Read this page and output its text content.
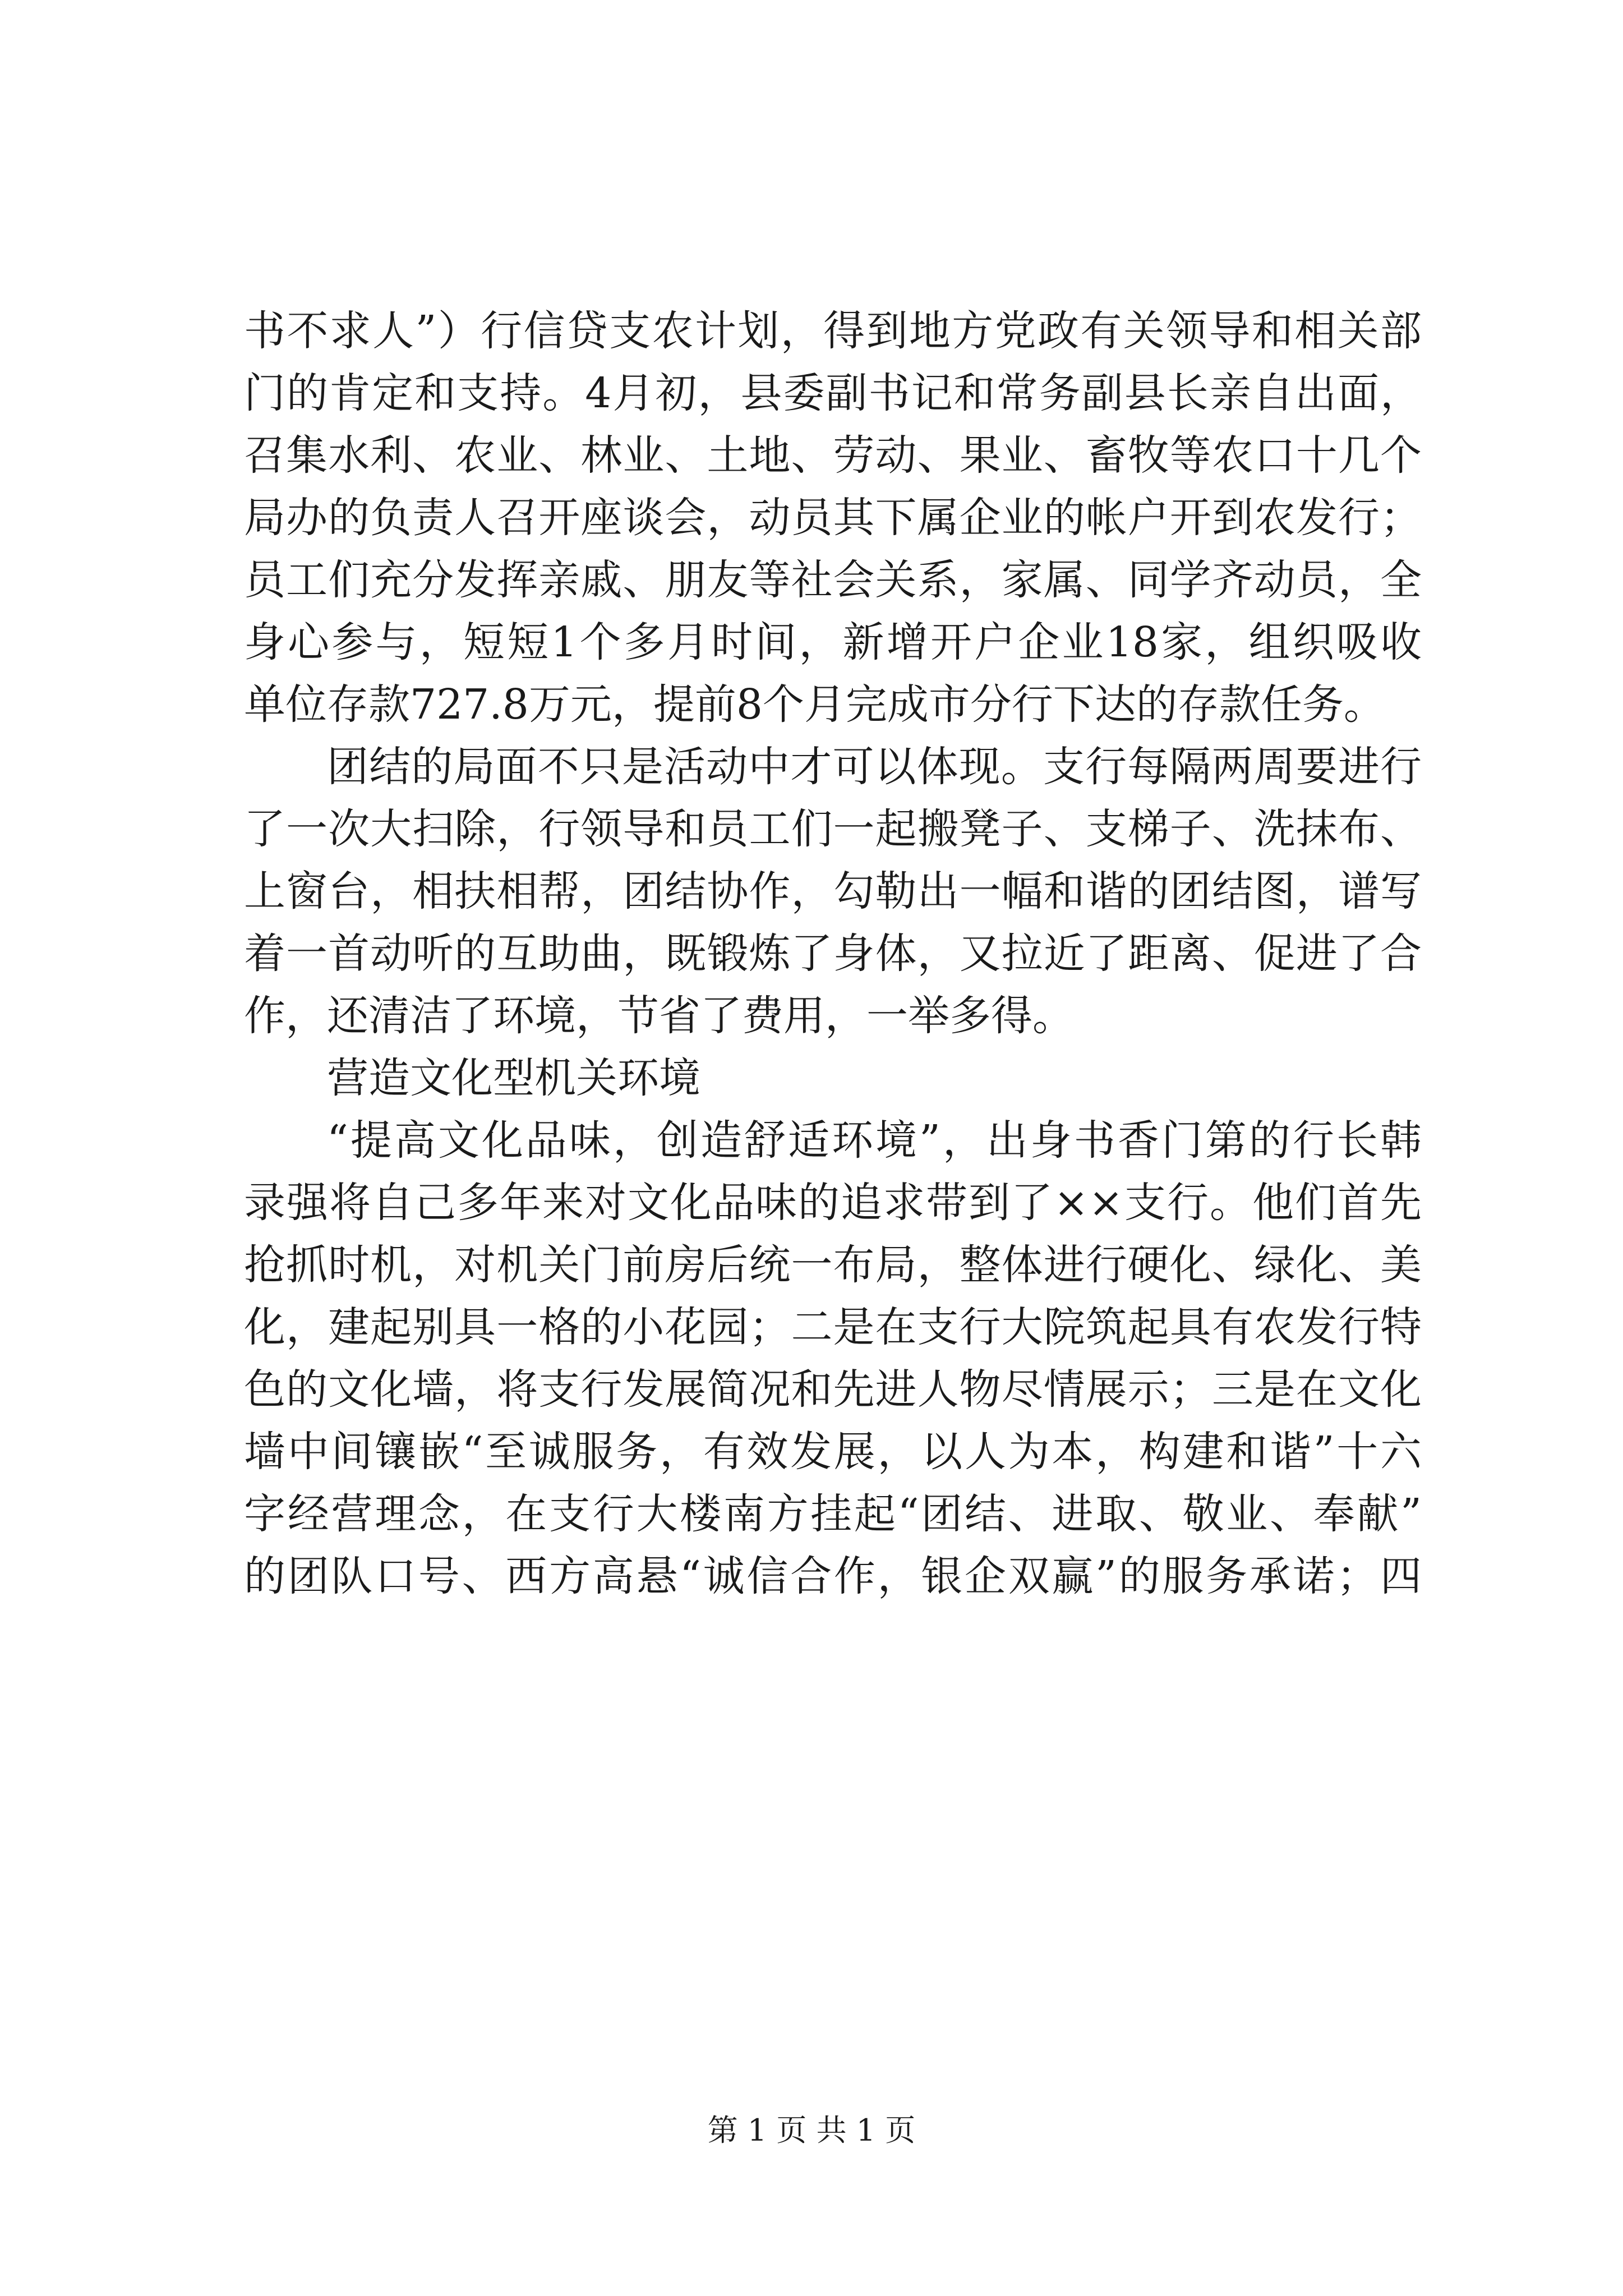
书不求人”）行信贷支农计划，得到地方党政有关领导和相关部
门的肯定和支持。4月初，县委副书记和常务副县长亲自出面，
召集水利、农业、林业、土地、劳动、果业、畜牧等农口十几个
局办的负责人召开座谈会，动员其下属企业的帐户开到农发行；
员工们充分发挥亲戚、朋友等社会关系，家属、同学齐动员，全
身心参与，短短1个多月时间，新增开户企业18家，组织吸收
单位存款727.8万元，提前8个月完成市分行下达的存款任务。
团结的局面不只是活动中才可以体现。支行每隔两周要进行
了一次大扫除，行领导和员工们一起搬凳子、支梯子、洗抹布、
上窗台，相扶相帮，团结协作，勾勒出一幅和谐的团结图，谱写
着一首动听的互助曲，既锻炼了身体，又拉近了距离、促进了合
作，还清洁了环境，节省了费用，一举多得。
营造文化型机关环境
“提高文化品味，创造舒适环境”，出身书香门第的行长韩
录强将自己多年来对文化品味的追求带到了××支行。他们首先
抢抓时机，对机关门前房后统一布局，整体进行硬化、绿化、美
化，建起别具一格的小花园；二是在支行大院筑起具有农发行特
色的文化墙，将支行发展简况和先进人物尽情展示；三是在文化
墙中间镶嵌“至诚服务，有效发展，以人为本，构建和谐”十六
字经营理念，在支行大楼南方挂起“团结、进取、敬业、奉献”
的团队口号、西方高悬“诚信合作，银企双赢”的服务承诺；四
第 1 页 共 1 页
